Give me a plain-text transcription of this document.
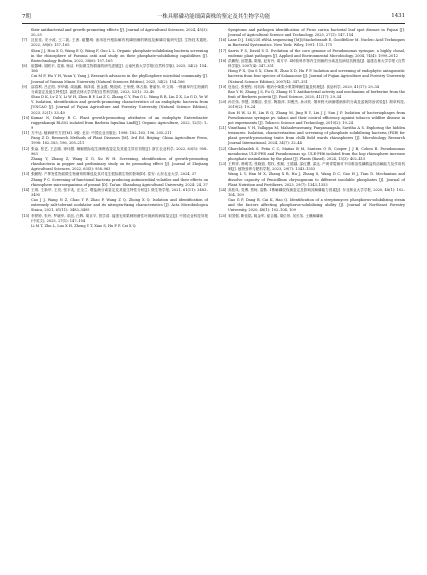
7期	一株具解磷功能细菌菌株的鉴定及其生物学功能	1431
their antibacterial and growth-promoting effects [J]. Journal of Agricultural Sciences, 2024, 45(3): 20–25
[7]	沈佳佳, 安小改, 王二凯, 王茜. 磁蟹城: 油用牡丹根际解有机磷细菌的筛选及解磷功能研究[J]. 生物技术通报, 2022, 38(6): 157–165
Shen J J, Hou X G, Wang E Q, Wang F, Guo L L. Organic phosphate-solubilizing bacteria screening in the rhizosphere of Paeonia ostii and study on their phosphate-solubilizing capabilities [J]. Biotechnology Bulletin, 2022, 38(6): 157–165
[8]	崔馨峰, 胡跃平, 袁赛, 杨洁. 叶际微生物群落的研究进展[J]. 云南民族大学学报(自然科学版), 2025, 34(2): 154–166
Cui M F, Hu Y H, Yuan Y, Yang J. Research advances in the phyllosphere microbial community [J]. Journal of Yunnan Minzu University (Natural Sciences Edition), 2025, 34(2): 154–166
[9]	邵春利, 吕正阳, 李华娜, 周福鹏, 林泽清, 张金蔚, 樊改绒, 王荣俊, 林占瑞, 鲁丽东, 叶文琪. 一株菌草内生细菌的分离鉴定及促生特性[J]. 福建农林大学学报(自然科学版), 2023, 52(1): 33–40
Shao D K, Lv Z Y, Li W H, Zhou B P, Lai Z C, Zhang C Y, Fan G L, Wang R R, Lin Z X, Lu G D, Ye W Y. Isolation, identification and growth-promoting characteristics of an endophytic bacteria from JUNCAO [J]. Journal of Fujian Agriculture and Forestry University (Natural Science Edition), 2023, 52(1): 33–40
[10] Kumar N, Dubey R C. Plant growth-promoting attributes of an endophyte Enterobacter ruggenhanqii RLS02 isolated from Barleria lupulina Lindl[J]. Organic Agriculture, 2022, 12(1): 1–9
[11] 方中达. 植病研究方法[M]. 3版. 北京: 中国农业出版社, 1998: 182–183, 196, 205–211
Fang Z D. Research Methods of Plant Diseases [M]. 3rd Ed. Beijing: China Agriculture Press, 1998: 182–183, 196, 205–211
[12] 张焱, 张艺, 王志刚, 徐伟慧. 辣椒根际促生菌筛选鉴定及其促生效应初报[J]. 浙江农业科学, 2022, 63(5): 958–963
Zhang Y, Zhang Z, Wang Z G, Xu W H. Screening, identification of growth-promoting rhizobacteria in pepper and preliminary study on its promoting effect [J]. Journal of Zhejiang Agricultural Sciences, 2022, 63(5): 958–963
[13] 张鹏程. 产挥发性物质微生物菌剂的筛选及其对花生根际微生物的影响[D]. 泰安: 山东农业大学, 2024, 37
Zhang P C. Screening of functional bacteria producing antimicrobial volatiles and their effects on rhizosphere microorganisms of peanut [D]. Tai'an: Shandong Agricultural University, 2024: 24, 37
[14] 王琪, 王新华, 王亮, 张平兆, 汪全兰. 嗜盐菌分离鉴定及其促生特性分析[J]. 微生物学报, 2021, 61(11): 3483–3495
Cao J J, Wang N Z, Chao Y P, Zhao P, Wang Z Q, Zhong X Q. Isolation and identification of extremely salt-tolerant nodulator and its nitrogen-fixing characteristics [J]. Acta Microbiologica Sinica, 2021, 61(11): 3483–3495
[15] 李梦婷, 朱玲, 罗晓华, 邓创, 白辉, 胡京平, 蔡学清. 福建毛茸果刺细菌性叶斑病的病原鉴定[J]. 中国农业科技导报 (中英文), 2025, 27(1): 147–154
Li M T, Zhu L, Luo X H, Zhong Y T, Xiao S, Hu F P, Cai X Q.
Symptoms and pathogen identification of Ficus carica bacterial leaf spot disease in Fujian [J]. Journal of Agricultural Science and Technology, 2025, 27(1): 147–154
[16] Lane D J. 16S/23S rRNA sequencing [M]//Stackebrandt E, Goodfellow M. Nucleic Acid Techniques in Bacterial Systematics. New York: Wiley, 1991: 115–175
[17] Sarris F S, David S G. Evolution of the core genome of Pseudomonas syringae, a highly clonal, endemic plant pathogen [J]. Applied and Environmental Microbiology, 2004, 74(4): 1999–2012
[18] 洪鹏程, 邱思鑫, 陈航, 赵有丹, 胡方平. 4种茄科作物内生细菌的分离及抗病拮抗筛选[J]. 福建农林大学学报 (自然科学版), 2007(4): 347–351
Hong P X, Qiu S X, Chen H, Zhao X D, Hu F P. Isolation and screening of endophytic antagonistic bacteria from four species of Solanaceae [J]. Journal of Fujian Agriculture and Forestry University (Natural Science Edition), 2007(4): 347–351
[19] 包怡红, 张程程, 闫培涛. 雅奶小柴果小浆果肆菌性能及机理[J]. 食品科学, 2020, 41(17): 29–34
Bao Y H, Zhang J S, Fu Q, Zhang H T. Antibacterial activity and mechanism of berberine from the fruit of Berberis poiretii [J]. Food Science, 2020, 41(17): 29–34
[20] 孙宏伟, 李慧, 刘榛溶, 张宗, 陶瑞萍, 刘俊杰, 孙冰钦. 烟草野火病菌噬菌体的分离及盆栽防治试验[J]. 烟草科技, 2019(2): 19–24
Sun H W, Li H, Lin R Q, Zhang M, Jing R Y, Liu J J, Sun J P. Isolation of bacteriophages from Pseudomonas syringae pv. tabaci and their control efficiency against tobacco wildfire disease in pot experiments [J]. Tobacco Science and Technology, 2019(2): 19–24
[21] Vinuthana V H, Yallappa M, Mahadevaswamy, Panyamangala, Savitha A S. Exploring the hidden treasures: Isolation, characterization and screening of phosphate solubilizing bacteria (PSB) for plant growth-promoting traits from chilli field wards rhizospheres [J]. Microbiology Research Journal International, 2024, 34(7): 32–44
[22] Ghorchilzadeh S, Peña C C, Mañas B M, Santera O R, Cooper J J B, Cohen R. Pseudomonas mendocina ULE-PHS and Pseudomonas sp. ULE-PH6 isolated from the hop rhizosphere increase phosphate assimilation by the plant [J]. Plants (Basel), 2024, 13(3): 402–415
[23] 王利祥, 韩明雪, 张晓铂, 郑权, 张顺, 王德越, 邵红缨, 邵达. 产黄青霉菌对不同难溶性磷酸盐的溶解能力及作用机制[J]. 植物营养与肥料学报, 2023, 29(7): 1343–1353
Wang L Y, Han M X, Zhang X B, Hu J, Zhang S, Wang D C, Gao H J, Tian D. Mechanism and dissolve capacity of Penicillium chrysogenum to different insoluble phosphates [J]. Journal of Plant Nutrition and Fertilizers, 2023, 29(7): 1343–1353
[24] 高桂凤, 党博, 蔡柯, 雷勤. 1株解磷放线菌鉴定及影响其解磷能力因素[J]. 东北林业大学学报, 2020, 48(1): 102–104, 109
Gao G F, Dang B, Cai K, Hao Q. Identification of a streptomyces phosphorus-solubilizing strain and the factors affecting phosphorus-solubilizing ability [J]. Journal of Northeast Forestry University, 2020, 48(1): 102–104, 109
[25] 宋国强, 靳佳铭, 姚金军, 崔吉璐, 胡位昂, 吴长英. 土壤解磷菌
